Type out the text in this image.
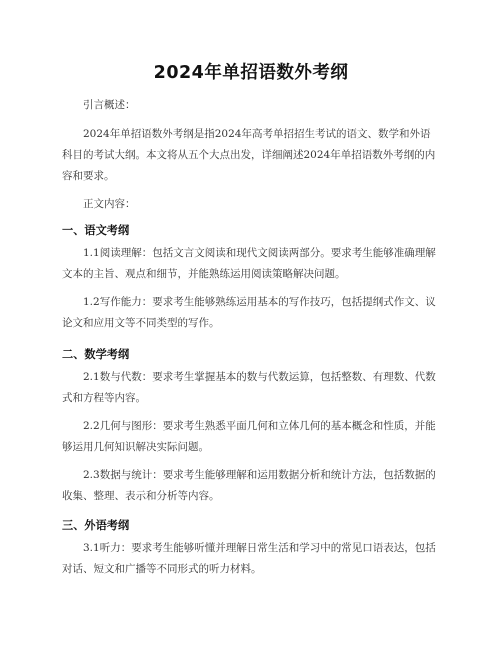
2024年单招语数外考纲

引言概述：

2024年单招语数外考纲是指2024年高考单招招生考试的语文、数学和外语科目的考试大纲。本文将从五个大点出发，详细阐述2024年单招语数外考纲的内容和要求。

正文内容：

一、语文考纲

1.1阅读理解：包括文言文阅读和现代文阅读两部分。要求考生能够准确理解文本的主旨、观点和细节，并能熟练运用阅读策略解决问题。

1.2写作能力：要求考生能够熟练运用基本的写作技巧，包括提纲式作文、议论文和应用文等不同类型的写作。

二、数学考纲

2.1数与代数：要求考生掌握基本的数与代数运算，包括整数、有理数、代数式和方程等内容。

2.2几何与图形：要求考生熟悉平面几何和立体几何的基本概念和性质，并能够运用几何知识解决实际问题。

2.3数据与统计：要求考生能够理解和运用数据分析和统计方法，包括数据的收集、整理、表示和分析等内容。

三、外语考纲

3.1听力：要求考生能够听懂并理解日常生活和学习中的常见口语表达，包括对话、短文和广播等不同形式的听力材料。
